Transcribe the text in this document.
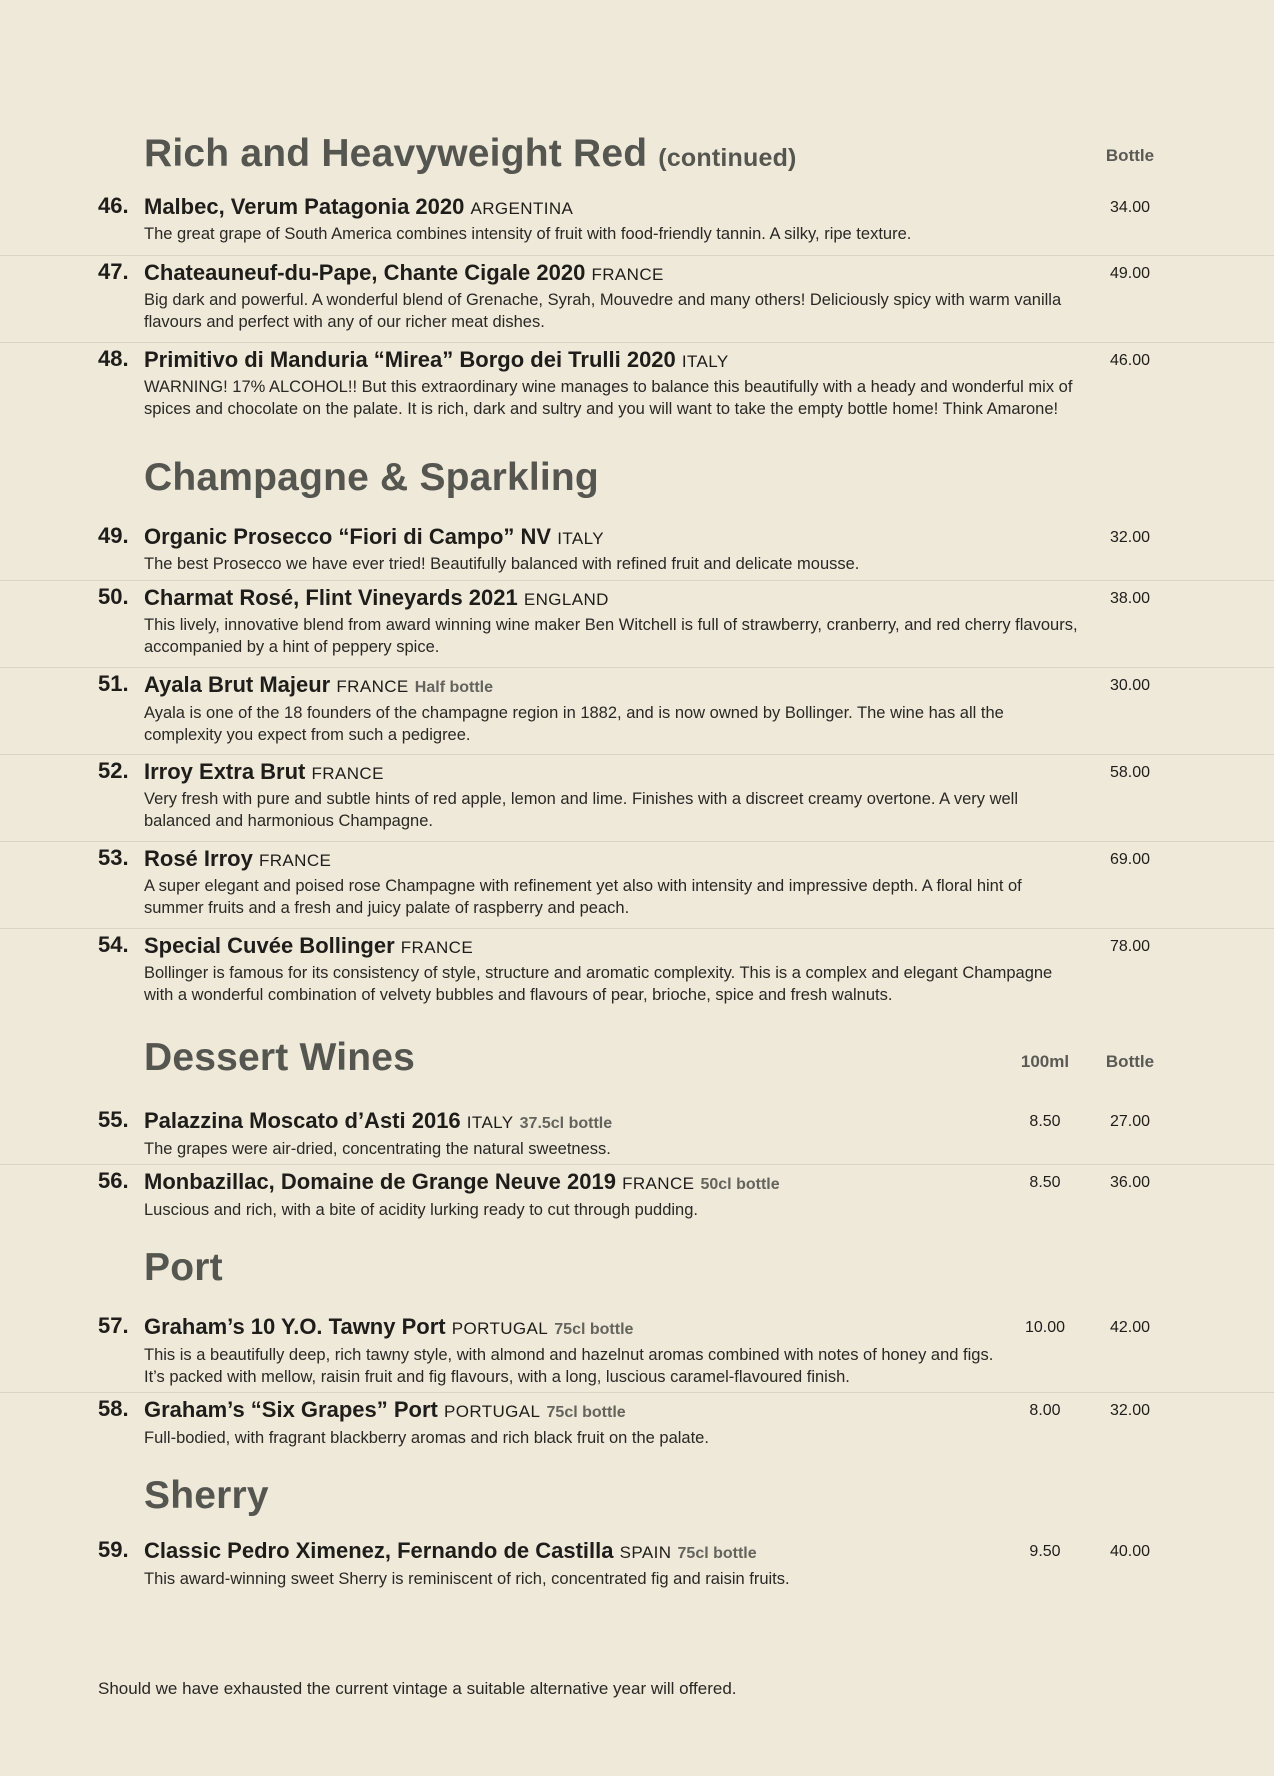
Rich and Heavyweight Red (continued)	Bottle
46. Malbec, Verum Patagonia 2020 ARGENTINA
The great grape of South America combines intensity of fruit with food-friendly tannin. A silky, ripe texture.
34.00
47. Chateauneuf-du-Pape, Chante Cigale 2020 FRANCE
Big dark and powerful. A wonderful blend of Grenache, Syrah, Mouvedre and many others! Deliciously spicy with warm vanilla flavours and perfect with any of our richer meat dishes.
49.00
48. Primitivo di Manduria “Mirea” Borgo dei Trulli 2020 ITALY
WARNING! 17% ALCOHOL!! But this extraordinary wine manages to balance this beautifully with a heady and wonderful mix of spices and chocolate on the palate. It is rich, dark and sultry and you will want to take the empty bottle home! Think Amarone!
46.00
Champagne & Sparkling
49. Organic Prosecco “Fiori di Campo” NV ITALY
The best Prosecco we have ever tried! Beautifully balanced with refined fruit and delicate mousse.
32.00
50. Charmat Rosé, Flint Vineyards 2021 ENGLAND
This lively, innovative blend from award winning wine maker Ben Witchell is full of strawberry, cranberry, and red cherry flavours, accompanied by a hint of peppery spice.
38.00
51. Ayala Brut Majeur FRANCE Half bottle
Ayala is one of the 18 founders of the champagne region in 1882, and is now owned by Bollinger. The wine has all the complexity you expect from such a pedigree.
30.00
52. Irroy Extra Brut FRANCE
Very fresh with pure and subtle hints of red apple, lemon and lime. Finishes with a discreet creamy overtone. A very well balanced and harmonious Champagne.
58.00
53. Rosé Irroy FRANCE
A super elegant and poised rose Champagne with refinement yet also with intensity and impressive depth. A floral hint of summer fruits and a fresh and juicy palate of raspberry and peach.
69.00
54. Special Cuvée Bollinger FRANCE
Bollinger is famous for its consistency of style, structure and aromatic complexity. This is a complex and elegant Champagne with a wonderful combination of velvety bubbles and flavours of pear, brioche, spice and fresh walnuts.
78.00
Dessert Wines	100ml	Bottle
55. Palazzina Moscato d’Asti 2016 ITALY 37.5cl bottle
The grapes were air-dried, concentrating the natural sweetness.
8.50	27.00
56. Monbazillac, Domaine de Grange Neuve 2019 FRANCE 50cl bottle
Luscious and rich, with a bite of acidity lurking ready to cut through pudding.
8.50	36.00
Port
57. Graham’s 10 Y.O. Tawny Port PORTUGAL 75cl bottle
This is a beautifully deep, rich tawny style, with almond and hazelnut aromas combined with notes of honey and figs. It’s packed with mellow, raisin fruit and fig flavours, with a long, luscious caramel-flavoured finish.
10.00	42.00
58. Graham’s “Six Grapes” Port PORTUGAL 75cl bottle
Full-bodied, with fragrant blackberry aromas and rich black fruit on the palate.
8.00	32.00
Sherry
59. Classic Pedro Ximenez, Fernando de Castilla SPAIN 75cl bottle
This award-winning sweet Sherry is reminiscent of rich, concentrated fig and raisin fruits.
9.50	40.00
Should we have exhausted the current vintage a suitable alternative year will offered.
